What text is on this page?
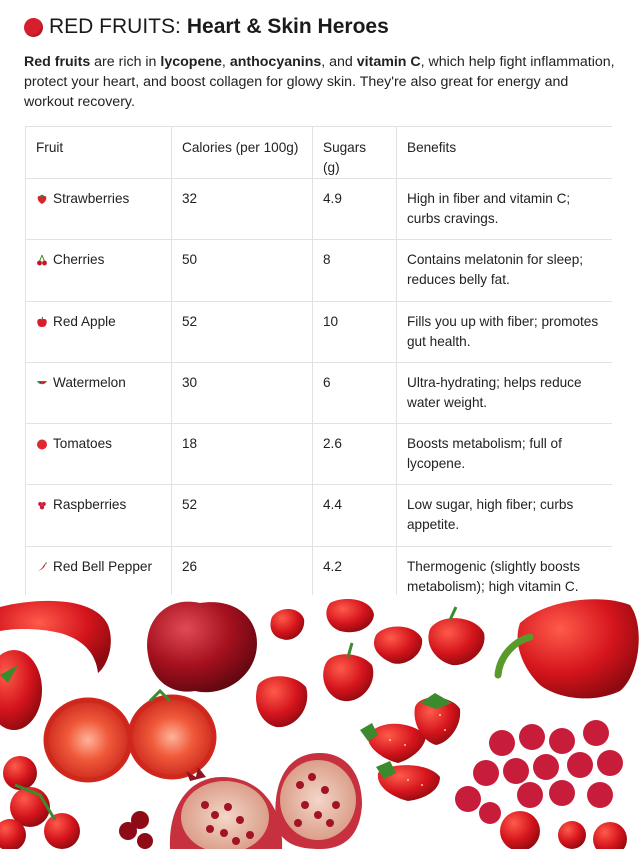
RED FRUITS: Heart & Skin Heroes

Red fruits are rich in lycopene, anthocyanins, and vitamin C, which help fight inflammation, protect your heart, and boost collagen for glowy skin. They're also great for energy and workout recovery.

Fruit	Calories (per 100g)	Sugars (g)	Benefits

Strawberries	32	4.9	High in fiber and vitamin C; curbs cravings.

Cherries	50	8	Contains melatonin for sleep; reduces belly fat.

Red Apple	52	10	Fills you up with fiber; promotes gut health.

Watermelon	30	6	Ultra-hydrating; helps reduce water weight.

Tomatoes	18	2.6	Boosts metabolism; full of lycopene.

Raspberries	52	4.4	Low sugar, high fiber; curbs appetite.

Red Bell Pepper	26	4.2	Thermogenic (slightly boosts metabolism); high vitamin C.
